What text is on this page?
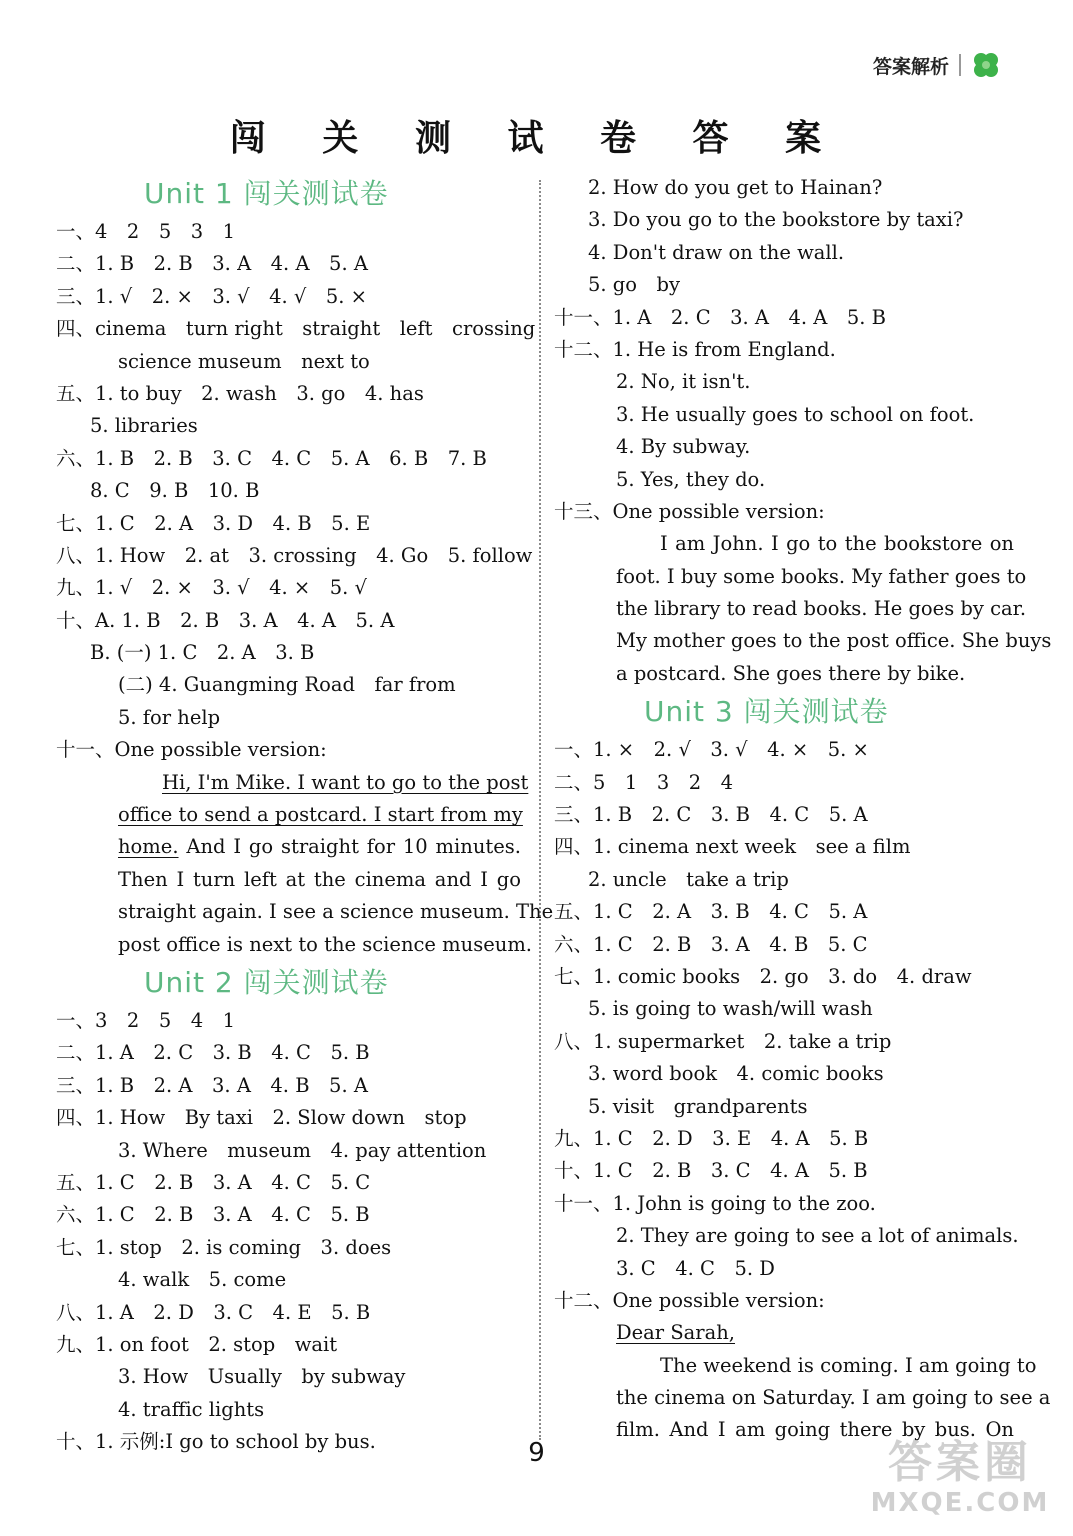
答案解析
闯 关 测 试 卷 答 案
Unit 1 闯关测试卷
一、4　2　5　3　1
二、1. B　2. B　3. A　4. A　5. A
三、1. √　2. ×　3. √　4. √　5. ×
四、cinema　turn right　straight　left　crossing
science museum　next to
五、1. to buy　2. wash　3. go　4. has
5. libraries
六、1. B　2. B　3. C　4. C　5. A　6. B　7. B
8. C　9. B　10. B
七、1. C　2. A　3. D　4. B　5. E
八、1. How　2. at　3. crossing　4. Go　5. follow
九、1. √　2. ×　3. √　4. ×　5. √
十、A. 1. B　2. B　3. A　4. A　5. A
B. (一) 1. C　2. A　3. B
(二) 4. Guangming Road　far from
5. for help
十一、One possible version:
Hi, I'm Mike. I want to go to the post
office to send a postcard. I start from my
home. And I go straight for 10 minutes.
Then I turn left at the cinema and I go
straight again. I see a science museum. The
post office is next to the science museum.
Unit 2 闯关测试卷
一、3　2　5　4　1
二、1. A　2. C　3. B　4. C　5. B
三、1. B　2. A　3. A　4. B　5. A
四、1. How　By taxi　2. Slow down　stop
3. Where　museum　4. pay attention
五、1. C　2. B　3. A　4. C　5. C
六、1. C　2. B　3. A　4. C　5. B
七、1. stop　2. is coming　3. does
4. walk　5. come
八、1. A　2. D　3. C　4. E　5. B
九、1. on foot　2. stop　wait
3. How　Usually　by subway
4. traffic lights
十、1. 示例:I go to school by bus.
2. How do you get to Hainan?
3. Do you go to the bookstore by taxi?
4. Don't draw on the wall.
5. go　by
十一、1. A　2. C　3. A　4. A　5. B
十二、1. He is from England.
2. No, it isn't.
3. He usually goes to school on foot.
4. By subway.
5. Yes, they do.
十三、One possible version:
I am John. I go to the bookstore on
foot. I buy some books. My father goes to
the library to read books. He goes by car.
My mother goes to the post office. She buys
a postcard. She goes there by bike.
Unit 3 闯关测试卷
一、1. ×　2. √　3. √　4. ×　5. ×
二、5　1　3　2　4
三、1. B　2. C　3. B　4. C　5. A
四、1. cinema next week　see a film
2. uncle　take a trip
五、1. C　2. A　3. B　4. C　5. A
六、1. C　2. B　3. A　4. B　5. C
七、1. comic books　2. go　3. do　4. draw
5. is going to wash/will wash
八、1. supermarket　2. take a trip
3. word book　4. comic books
5. visit　grandparents
九、1. C　2. D　3. E　4. A　5. B
十、1. C　2. B　3. C　4. A　5. B
十一、1. John is going to the zoo.
2. They are going to see a lot of animals.
3. C　4. C　5. D
十二、One possible version:
Dear Sarah,
The weekend is coming. I am going to
the cinema on Saturday. I am going to see a
film. And I am going there by bus. On
9	答案圈
MXQE.COM
